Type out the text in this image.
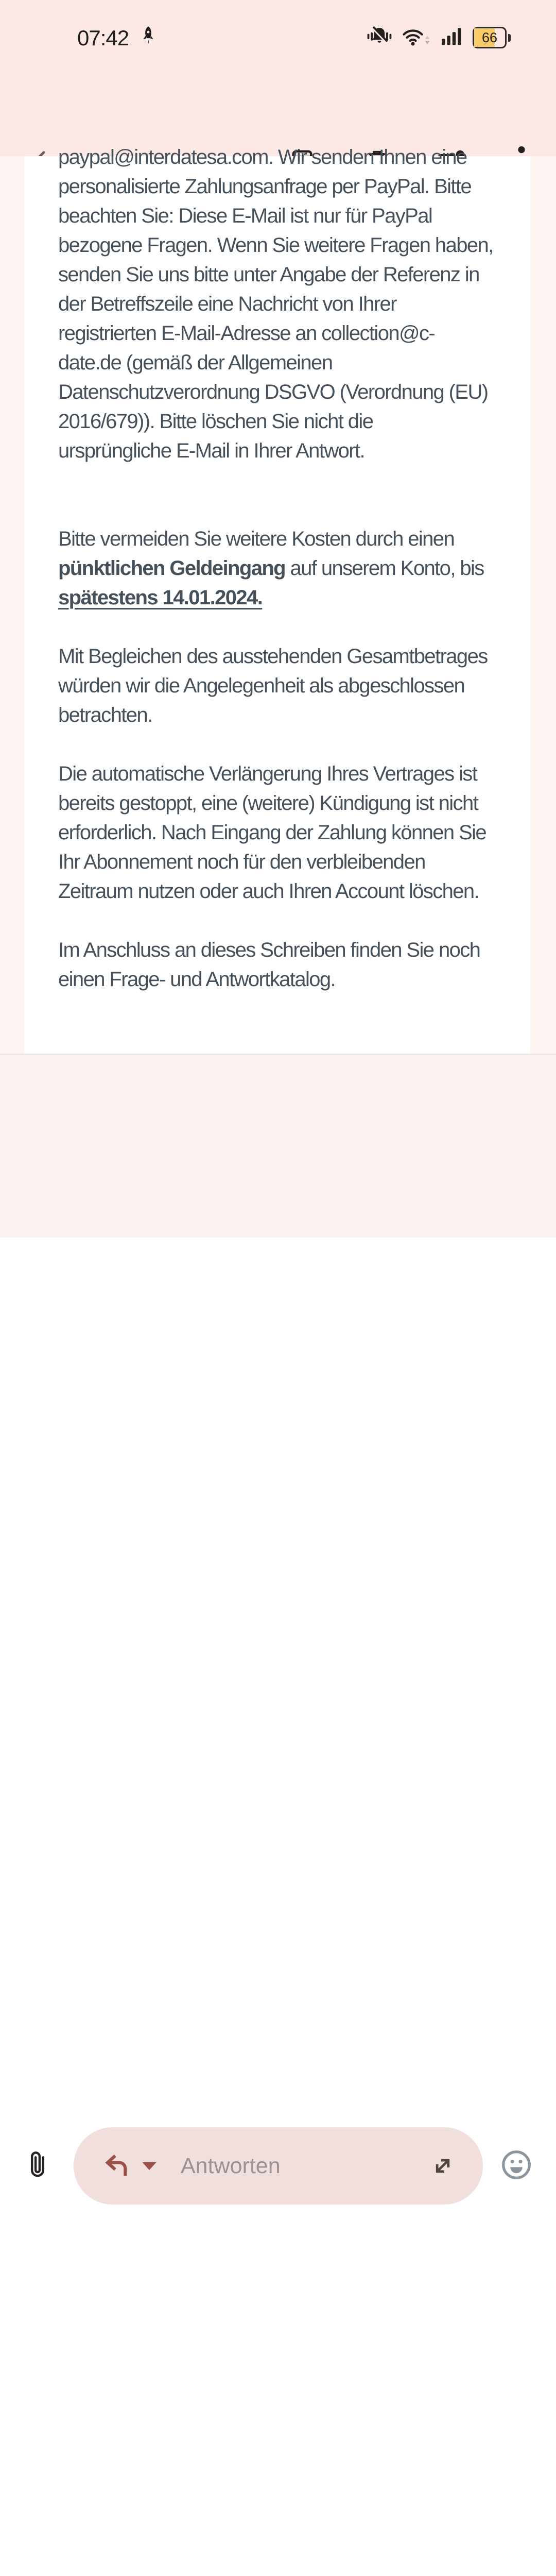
07:42	66
paypal@interdatesa.com. Wir senden Ihnen eine
personalisierte Zahlungsanfrage per PayPal. Bitte
beachten Sie: Diese E-Mail ist nur für PayPal
bezogene Fragen. Wenn Sie weitere Fragen haben,
senden Sie uns bitte unter Angabe der Referenz in
der Betreffszeile eine Nachricht von Ihrer
registrierten E-Mail-Adresse an collection@c-
date.de (gemäß der Allgemeinen
Datenschutzverordnung DSGVO (Verordnung (EU)
2016/679)). Bitte löschen Sie nicht die
ursprüngliche E-Mail in Ihrer Antwort.
Bitte vermeiden Sie weitere Kosten durch einen
pünktlichen Geldeingang auf unserem Konto, bis
spätestens 14.01.2024.
Mit Begleichen des ausstehenden Gesamtbetrages
würden wir die Angelegenheit als abgeschlossen
betrachten.
Die automatische Verlängerung Ihres Vertrages ist
bereits gestoppt, eine (weitere) Kündigung ist nicht
erforderlich. Nach Eingang der Zahlung können Sie
Ihr Abonnement noch für den verbleibenden
Zeitraum nutzen oder auch Ihren Account löschen.
Im Anschluss an dieses Schreiben finden Sie noch
einen Frage- und Antwortkatalog.
Antworten
